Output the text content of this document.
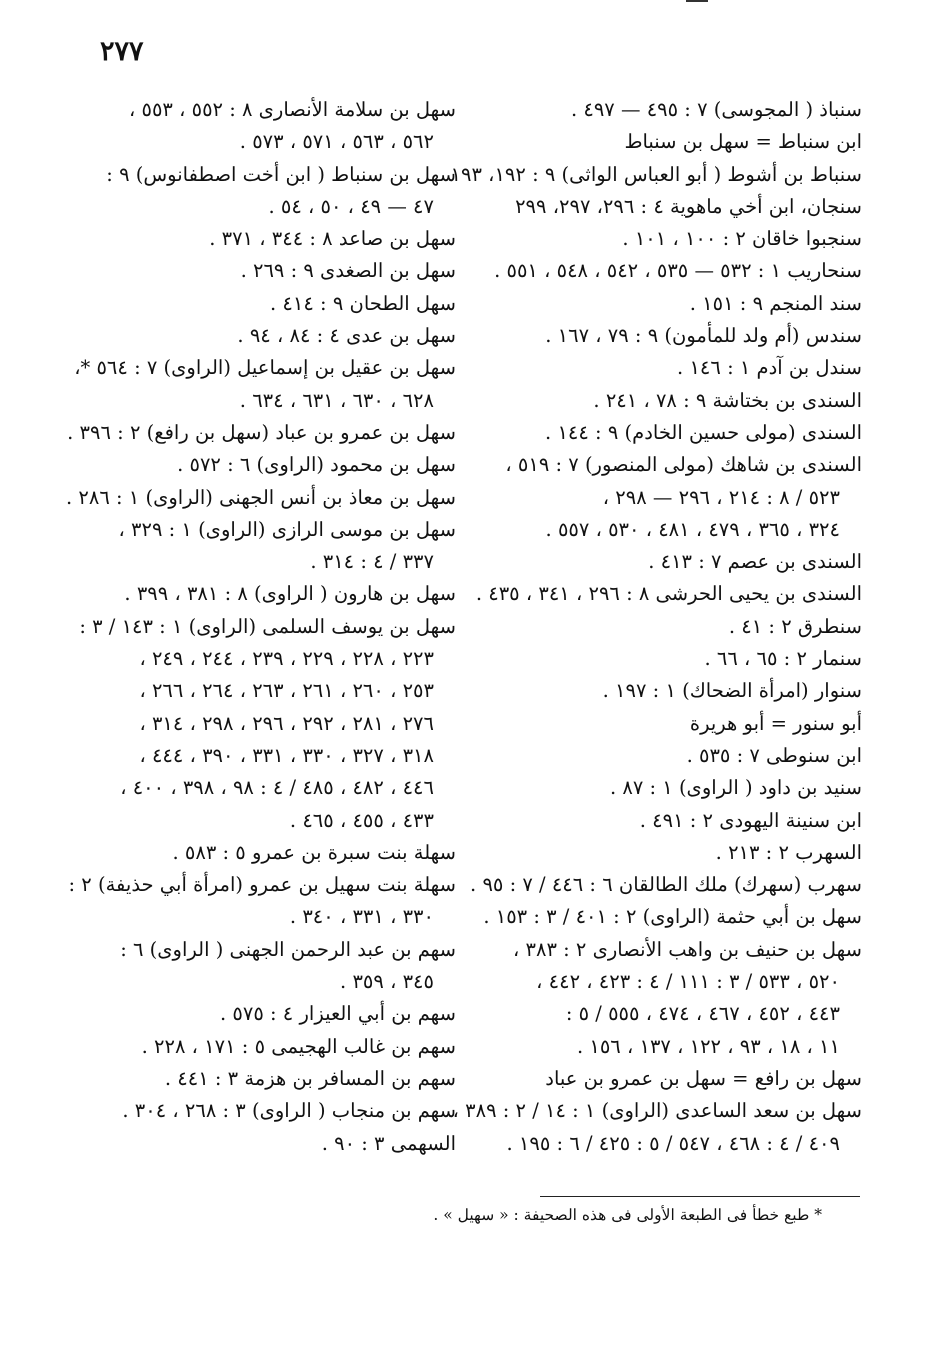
٢٧٧
سنباذ ( المجوسى) ٧ : ٤٩٥ — ٤٩٧ .
ابن سنباط = سهل بن سنباط
سنباط بن أشوط ( أبو العباس الواثى) ٩ : ١٩٢، ١٩٣
سنجان، ابن أخي ماهوية ٤ : ٢٩٦، ٢٩٧، ٢٩٩
سنجبوا خاقان ٢ : ١٠٠ ، ١٠١ .
سنحاريب ١ : ٥٣٢ — ٥٣٥ ، ٥٤٢ ، ٥٤٨ ، ٥٥١ .
سند المنجم ٩ : ١٥١ .
سندس (أم ولد للمأمون) ٩ : ٧٩ ، ١٦٧ .
سندل بن آدم ١ : ١٤٦ .
السندى بن بختاشة ٩ : ٧٨ ، ٢٤١ .
السندى (مولى حسين الخادم) ٩ : ١٤٤ .
السندى بن شاهك (مولى المنصور) ٧ : ٥١٩ ،
٥٢٣ / ٨ : ٢١٤ ، ٢٩٦ — ٢٩٨ ،
٣٢٤ ، ٣٦٥ ، ٤٧٩ ، ٤٨١ ، ٥٣٠ ، ٥٥٧ .
السندى بن عصم ٧ : ٤١٣ .
السندى بن يحيى الحرشى ٨ : ٢٩٦ ، ٣٤١ ، ٤٣٥ .
سنطرق ٢ : ٤١ .
سنمار ٢ : ٦٥ ، ٦٦ .
سنوار (امرأة الضحاك) ١ : ١٩٧ .
أبو سنور = أبو هريرة
ابن سنوطى ٧ : ٥٣٥ .
سنيد بن داود ( الراوى) ١ : ٨٧ .
ابن سنينة اليهودى ٢ : ٤٩١ .
السهرب ٢ : ٢١٣ .
سهرب (سهرك) ملك الطالقان ٦ : ٤٤٦ / ٧ : ٩٥ .
سهل بن أبي حثمة (الراوى) ٢ : ٤٠١ / ٣ : ١٥٣ .
سهل بن حنيف بن واهب الأنصارى ٢ : ٣٨٣ ،
٥٢٠ ، ٥٣٣ / ٣ : ١١١ / ٤ : ٤٢٣ ، ٤٤٢ ،
٤٤٣ ، ٤٥٢ ، ٤٦٧ ، ٤٧٤ ، ٥٥٥ / ٥ :
١١ ، ١٨ ، ٩٣ ، ١٢٢ ، ١٣٧ ، ١٥٦ .
سهل بن رافع = سهل بن عمرو بن عباد
سهل بن سعد الساعدى (الراوى) ١ : ١٤ / ٢ : ٣٨٩ ،
٤٠٩ / ٤ : ٤٦٨ ، ٥٤٧ / ٥ : ٤٢٥ / ٦ : ١٩٥ .
سهل بن سلامة الأنصارى ٨ : ٥٥٢ ، ٥٥٣ ،
٥٦٢ ، ٥٦٣ ، ٥٧١ ، ٥٧٣ .
سهل بن سنباط ( ابن أخت اصطفانوس) ٩ :
٤٧ — ٤٩ ، ٥٠ ، ٥٤ .
سهل بن صاعد ٨ : ٣٤٤ ، ٣٧١ .
سهل بن الصغدى ٩ : ٢٦٩ .
سهل الطحان ٩ : ٤١٤ .
سهل بن عدى ٤ : ٨٤ ، ٩٤ .
سهل بن عقيل بن إسماعيل (الراوى) ٧ : ٥٦٤ *،
٦٢٨ ، ٦٣٠ ، ٦٣١ ، ٦٣٤ .
سهل بن عمرو بن عباد (سهل بن رافع) ٢ : ٣٩٦ .
سهل بن محمود (الراوى) ٦ : ٥٧٢ .
سهل بن معاذ بن أنس الجهنى (الراوى) ١ : ٢٨٦ .
سهل بن موسى الرازى (الراوى) ١ : ٣٢٩ ،
٣٣٧ / ٤ : ٣١٤ .
سهل بن هارون ( الراوى) ٨ : ٣٨١ ، ٣٩٩ .
سهل بن يوسف السلمى (الراوى) ١ : ١٤٣ / ٣ :
٢٢٣ ، ٢٢٨ ، ٢٢٩ ، ٢٣٩ ، ٢٤٤ ، ٢٤٩ ،
٢٥٣ ، ٢٦٠ ، ٢٦١ ، ٢٦٣ ، ٢٦٤ ، ٢٦٦ ،
٢٧٦ ، ٢٨١ ، ٢٩٢ ، ٢٩٦ ، ٢٩٨ ، ٣١٤ ،
٣١٨ ، ٣٢٧ ، ٣٣٠ ، ٣٣١ ، ٣٩٠ ، ٤٤٤ ،
٤٤٦ ، ٤٨٢ ، ٤٨٥ / ٤ : ٩٨ ، ٣٩٨ ، ٤٠٠ ،
٤٣٣ ، ٤٥٥ ، ٤٦٥ .
سهلة بنت سبرة بن عمرو ٥ : ٥٨٣ .
سهلة بنت سهيل بن عمرو (امرأة أبي حذيفة) ٢ :
٣٣٠ ، ٣٣١ ، ٣٤٠ .
سهم بن عبد الرحمن الجهنى ( الراوى) ٦ :
٣٤٥ ، ٣٥٩ .
سهم بن أبي العيزار ٤ : ٥٧٥ .
سهم بن غالب الهجيمى ٥ : ١٧١ ، ٢٢٨ .
سهم بن المسافر بن هزمة ٣ : ٤٤١ .
سهم بن منجاب ( الراوى) ٣ : ٢٦٨ ، ٣٠٤ .
السهمى ٣ : ٩٠ .
* طبع خطأ فى الطبعة الأولى فى هذه الصحيفة : « سهيل » .
